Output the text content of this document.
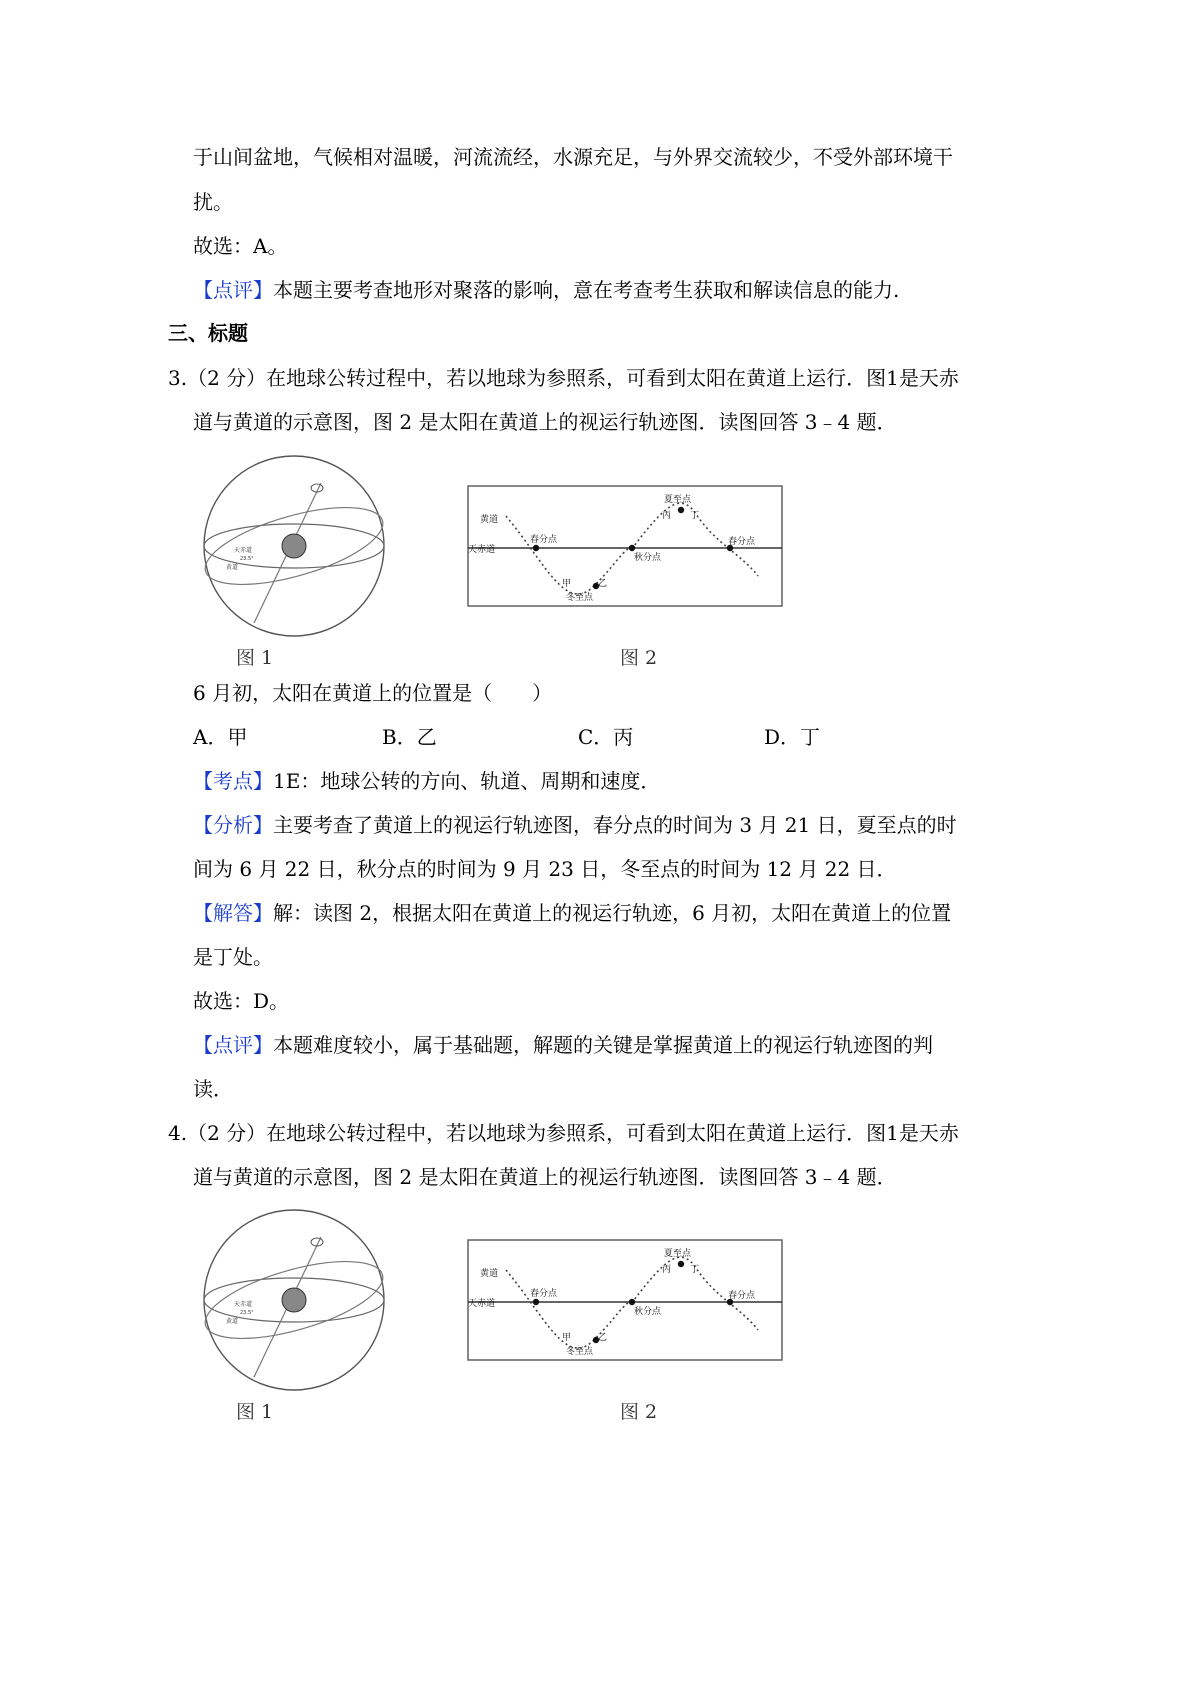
于山间盆地，气候相对温暖，河流流经，水源充足，与外界交流较少，不受外部环境干
扰。
故选：A。
【点评】本题主要考查地形对聚落的影响，意在考查考生获取和解读信息的能力.
三、标题
3.（2 分）在地球公转过程中，若以地球为参照系，可看到太阳在黄道上运行．图1是天赤
道与黄道的示意图，图 2 是太阳在黄道上的视运行轨迹图．读图回答 3﹣4 题．
天赤道
黄道
23.5°
图 1
黄道
天赤道
春分点
甲	乙
冬至点
秋分点
夏至点
丙 丁
春分点
图 2
6 月初，太阳在黄道上的位置是（　　）
A．甲	B．乙	C．丙	D．丁
【考点】1E：地球公转的方向、轨道、周期和速度．
【分析】主要考查了黄道上的视运行轨迹图，春分点的时间为 3 月 21 日，夏至点的时
间为 6 月 22 日，秋分点的时间为 9 月 23 日，冬至点的时间为 12 月 22 日．
【解答】解：读图 2，根据太阳在黄道上的视运行轨迹，6 月初，太阳在黄道上的位置
是丁处。
故选：D。
【点评】本题难度较小，属于基础题，解题的关键是掌握黄道上的视运行轨迹图的判
读．
4.（2 分）在地球公转过程中，若以地球为参照系，可看到太阳在黄道上运行．图1是天赤
道与黄道的示意图，图 2 是太阳在黄道上的视运行轨迹图．读图回答 3﹣4 题．
天赤道
黄道
23.5°
图 1
黄道
天赤道
春分点
甲	乙
冬至点
秋分点
夏至点
丙 丁
春分点
图 2
